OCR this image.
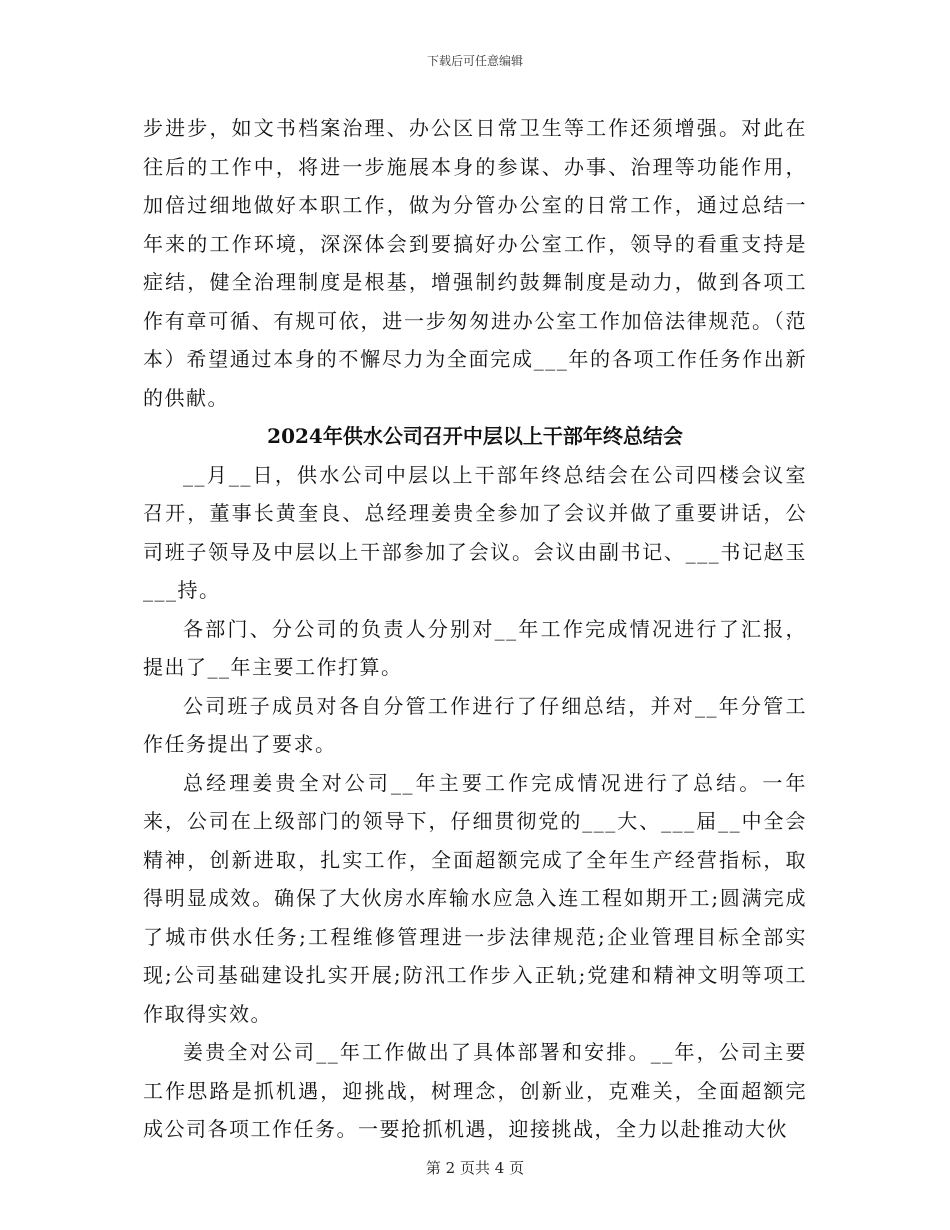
下载后可任意编辑

步进步，如文书档案治理、办公区日常卫生等工作还须增强。对此在往后的工作中，将进一步施展本身的参谋、办事、治理等功能作用，加倍过细地做好本职工作，做为分管办公室的日常工作，通过总结一年来的工作环境，深深体会到要搞好办公室工作，领导的看重支持是症结，健全治理制度是根基，增强制约鼓舞制度是动力，做到各项工作有章可循、有规可依，进一步匆匆进办公室工作加倍法律规范。（范本）希望通过本身的不懈尽力为全面完成___年的各项工作任务作出新的供献。

2024年供水公司召开中层以上干部年终总结会

__月__日，供水公司中层以上干部年终总结会在公司四楼会议室召开，董事长黄奎良、总经理姜贵全参加了会议并做了重要讲话，公司班子领导及中层以上干部参加了会议。会议由副书记、___书记赵玉___持。

各部门、分公司的负责人分别对__年工作完成情况进行了汇报，提出了__年主要工作打算。

公司班子成员对各自分管工作进行了仔细总结，并对__年分管工作任务提出了要求。

总经理姜贵全对公司__年主要工作完成情况进行了总结。一年来，公司在上级部门的领导下，仔细贯彻党的___大、___届__中全会精神，创新进取，扎实工作，全面超额完成了全年生产经营指标，取得明显成效。确保了大伙房水库输水应急入连工程如期开工;圆满完成了城市供水任务;工程维修管理进一步法律规范;企业管理目标全部实现;公司基础建设扎实开展;防汛工作步入正轨;党建和精神文明等项工作取得实效。

姜贵全对公司__年工作做出了具体部署和安排。__年，公司主要工作思路是抓机遇，迎挑战，树理念，创新业，克难关，全面超额完成公司各项工作任务。一要抢抓机遇，迎接挑战，全力以赴推动大伙

第 2 页共 4 页
